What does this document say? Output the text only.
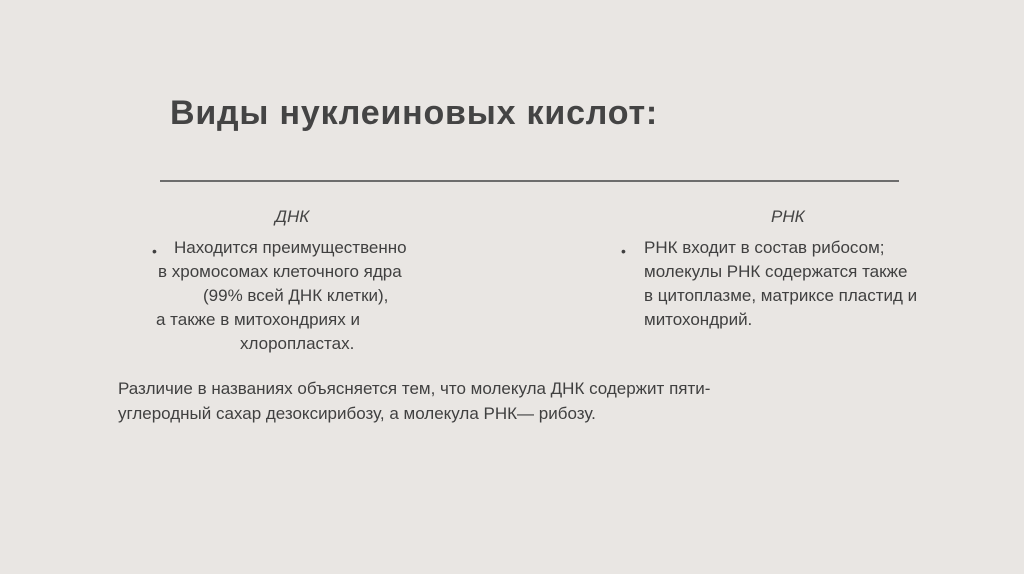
Виды нуклеиновых кислот:
ДНК	РНК
• Находится преимущественно
в хромосомах клеточного ядра
(99% всей ДНК клетки),
а также в митохондриях и
хлоропластах.
• РНК входит в состав рибосом;
молекулы РНК содержатся также
в цитоплазме, матриксе пластид и
митохондрий.
Различие в названиях объясняется тем, что молекула ДНК содержит пяти-
углеродный сахар дезоксирибозу, а молекула РНК— рибозу.
